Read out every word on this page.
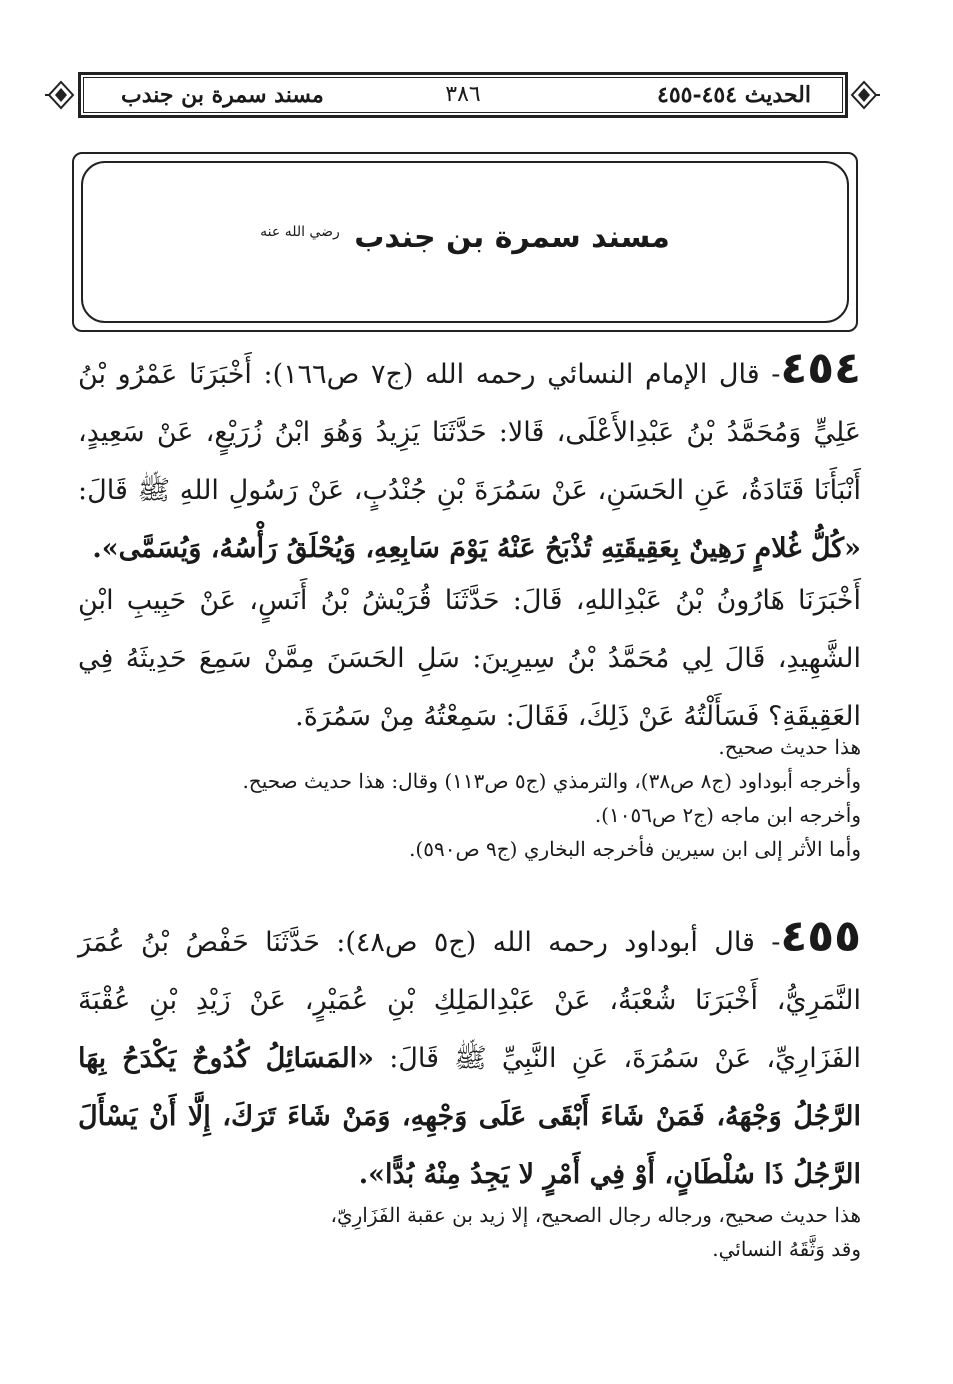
الحديث ٤٥٤-٤٥٥
٣٨٦
مسند سمرة بن جندب
مسند سمرة بن جندب $^{رضي الله عنه}$
٤٥٤- قال الإمام النسائي رحمه الله (ج٧ ص١٦٦): أَخْبَرَنَا عَمْرُو بْنُ عَلِيٍّ وَمُحَمَّدُ بْنُ عَبْدِالأَعْلَى، قَالا: حَدَّثَنَا يَزِيدُ وَهُوَ ابْنُ زُرَيْعٍ، عَنْ سَعِيدٍ، أَنْبَأَنَا قَتَادَةُ، عَنِ الحَسَنِ، عَنْ سَمُرَةَ بْنِ جُنْدُبٍ، عَنْ رَسُولِ اللهِ ﷺ قَالَ: «كُلُّ غُلامٍ رَهِينٌ بِعَقِيقَتِهِ تُذْبَحُ عَنْهُ يَوْمَ سَابِعِهِ، وَيُحْلَقُ رَأْسُهُ، وَيُسَمَّى».
أَخْبَرَنَا هَارُونُ بْنُ عَبْدِاللهِ، قَالَ: حَدَّثَنَا قُرَيْشُ بْنُ أَنَسٍ، عَنْ حَبِيبِ ابْنِ الشَّهِيدِ، قَالَ لِي مُحَمَّدُ بْنُ سِيرِينَ: سَلِ الحَسَنَ مِمَّنْ سَمِعَ حَدِيثَهُ فِي العَقِيقَةِ؟ فَسَأَلْتُهُ عَنْ ذَلِكَ، فَقَالَ: سَمِعْتُهُ مِنْ سَمُرَةَ.

هذا حديث صحيح.

وأخرجه أبوداود (ج٨ ص٣٨)، والترمذي (ج٥ ص١١٣) وقال: هذا حديث صحيح.

وأخرجه ابن ماجه (ج٢ ص١٠٥٦).

وأما الأثر إلى ابن سيرين فأخرجه البخاري (ج٩ ص٥٩٠).

٤٥٥- قال أبوداود رحمه الله (ج٥ ص٤٨): حَدَّثَنَا حَفْصُ بْنُ عُمَرَ النَّمَرِيُّ، أَخْبَرَنَا شُعْبَةُ، عَنْ عَبْدِالمَلِكِ بْنِ عُمَيْرٍ، عَنْ زَيْدِ بْنِ عُقْبَةَ الفَزَارِيِّ، عَنْ سَمُرَةَ، عَنِ النَّبِيِّ ﷺ قَالَ: «المَسَائِلُ كُدُوحٌ يَكْدَحُ بِهَا الرَّجُلُ وَجْهَهُ، فَمَنْ شَاءَ أَبْقَى عَلَى وَجْهِهِ، وَمَنْ شَاءَ تَرَكَ، إِلَّا أَنْ يَسْأَلَ الرَّجُلُ ذَا سُلْطَانٍ، أَوْ فِي أَمْرٍ لا يَجِدُ مِنْهُ بُدًّا».

هذا حديث صحيح، ورجاله رجال الصحيح، إلا زيد بن عقبة الفَزَارِيّ،

وقد وَثَّقَهُ النسائي.
